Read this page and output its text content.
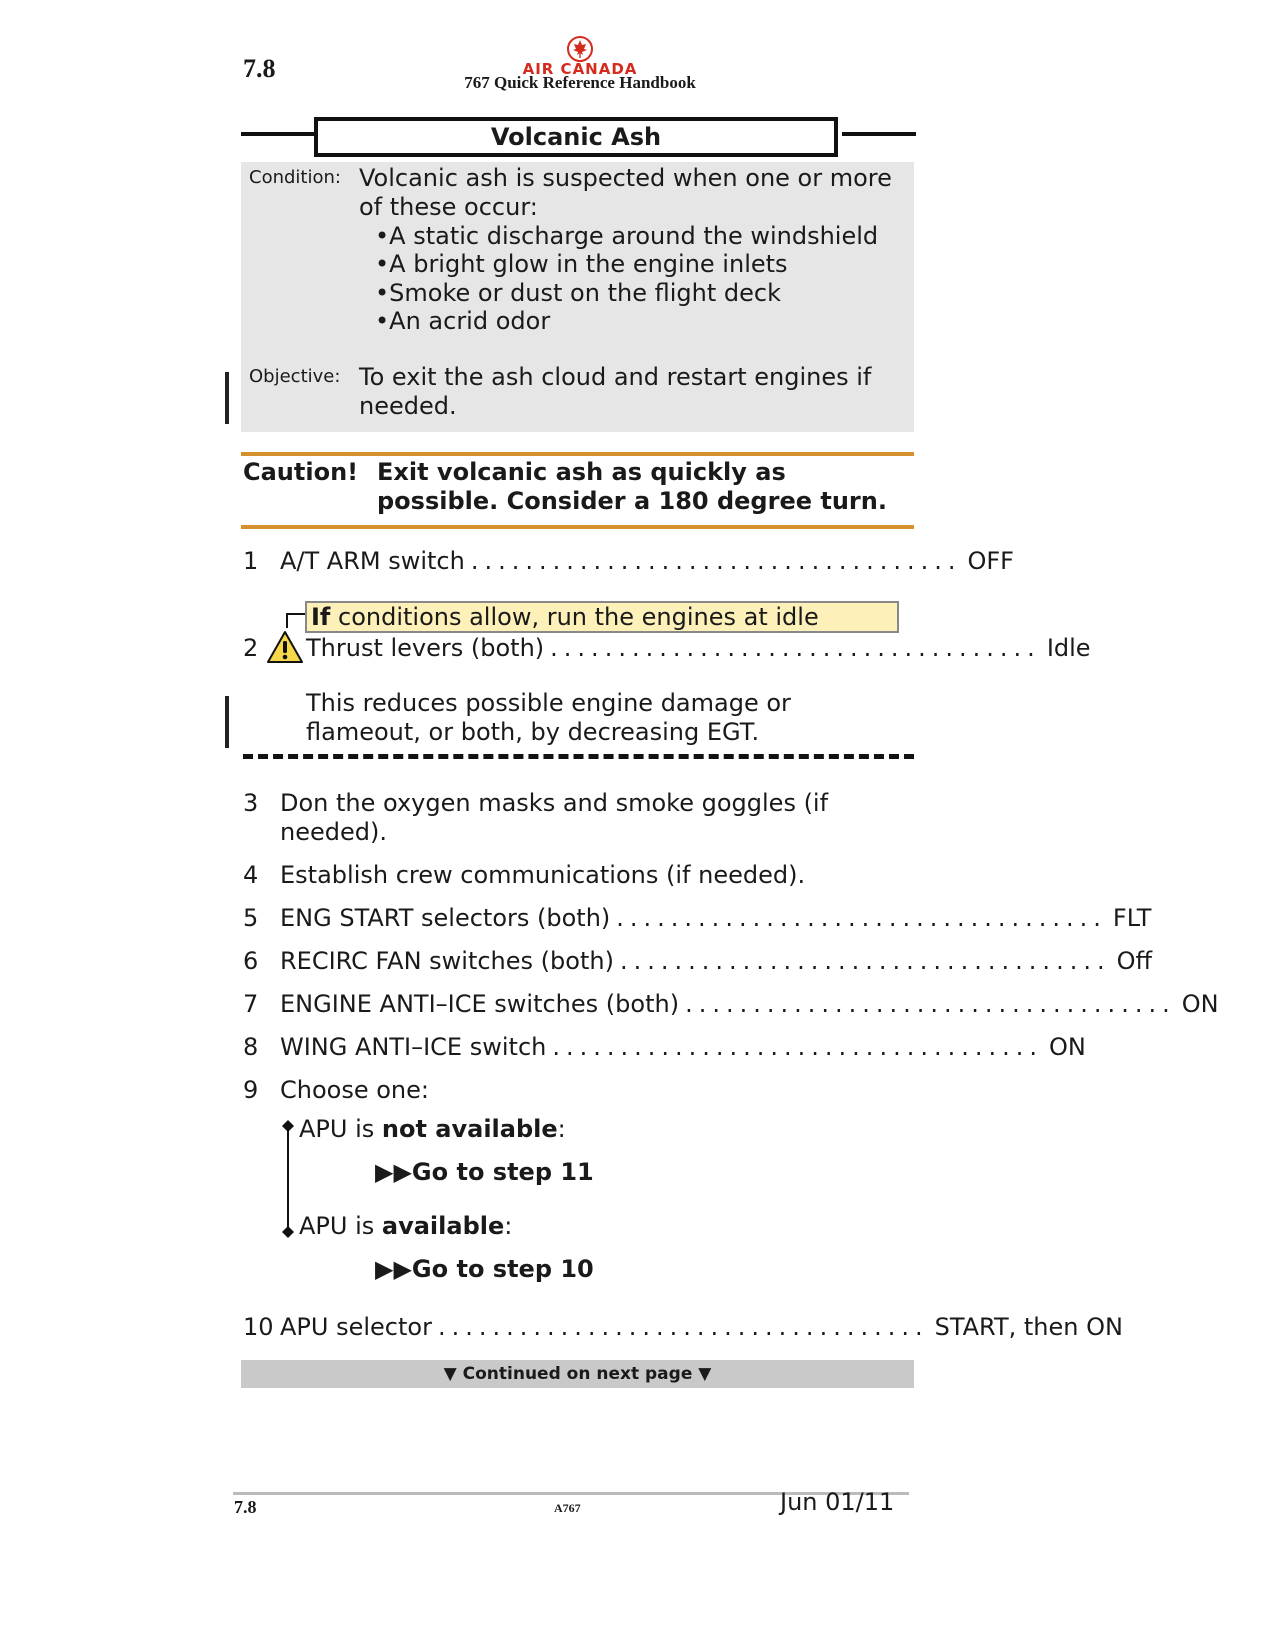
7.8	AIR CANADA
767 Quick Reference Handbook
Volcanic Ash
Condition: Volcanic ash is suspected when one or more
of these occur:
•A static discharge around the windshield
•A bright glow in the engine inlets
•Smoke or dust on the flight deck
•An acrid odor
Objective: To exit the ash cloud and restart engines if
needed.
Caution! Exit volcanic ash as quickly as
possible. Consider a 180 degree turn.
1 A/T ARM switch .................................... OFF
If conditions allow, run the engines at idle
2 Thrust levers (both) .................................... Idle
This reduces possible engine damage or
flameout, or both, by decreasing EGT.
3 Don the oxygen masks and smoke goggles (if
needed).
4 Establish crew communications (if needed).
5 ENG START selectors (both) .................................... FLT
6 RECIRC FAN switches (both) .................................... Off
7 ENGINE ANTI–ICE switches (both) .................................... ON
8 WING ANTI–ICE switch .................................... ON
9 Choose one:
APU is not available:
▶▶Go to step 11
APU is available:
▶▶Go to step 10
10 APU selector .................................... START, then ON
▼ Continued on next page ▼
7.8	A767	Jun 01/11
